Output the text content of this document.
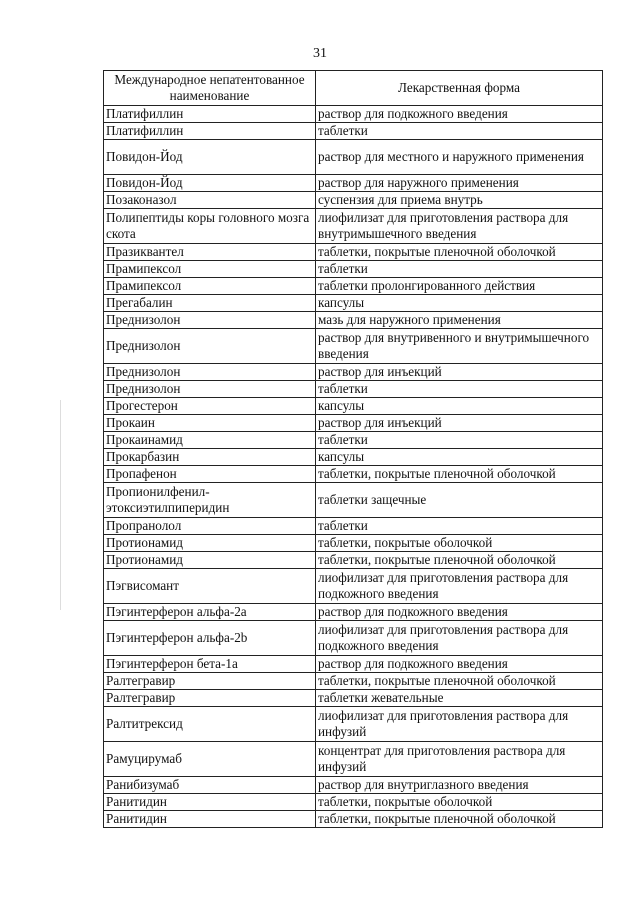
31
Международное непатентованное наименование	Лекарственная форма
Платифиллин	раствор для подкожного введения
Платифиллин	таблетки
Повидон-Йод	раствор для местного и наружного применения
Повидон-Йод	раствор для наружного применения
Позаконазол	суспензия для приема внутрь
Полипептиды коры головного мозга скота	лиофилизат для приготовления раствора для внутримышечного введения
Празиквантел	таблетки, покрытые пленочной оболочкой
Прамипексол	таблетки
Прамипексол	таблетки пролонгированного действия
Прегабалин	капсулы
Преднизолон	мазь для наружного применения
Преднизолон	раствор для внутривенного и внутримышечного введения
Преднизолон	раствор для инъекций
Преднизолон	таблетки
Прогестерон	капсулы
Прокаин	раствор для инъекций
Прокаинамид	таблетки
Прокарбазин	капсулы
Пропафенон	таблетки, покрытые пленочной оболочкой
Пропионилфенил-этоксиэтилпиперидин	таблетки защечные
Пропранолол	таблетки
Протионамид	таблетки, покрытые оболочкой
Протионамид	таблетки, покрытые пленочной оболочкой
Пэгвисомант	лиофилизат для приготовления раствора для подкожного введения
Пэгинтерферон альфа-2а	раствор для подкожного введения
Пэгинтерферон альфа-2b	лиофилизат для приготовления раствора для подкожного введения
Пэгинтерферон бета-1а	раствор для подкожного введения
Ралтегравир	таблетки, покрытые пленочной оболочкой
Ралтегравир	таблетки жевательные
Ралтитрексид	лиофилизат для приготовления раствора для инфузий
Рамуцирумаб	концентрат для приготовления раствора для инфузий
Ранибизумаб	раствор для внутриглазного введения
Ранитидин	таблетки, покрытые оболочкой
Ранитидин	таблетки, покрытые пленочной оболочкой
